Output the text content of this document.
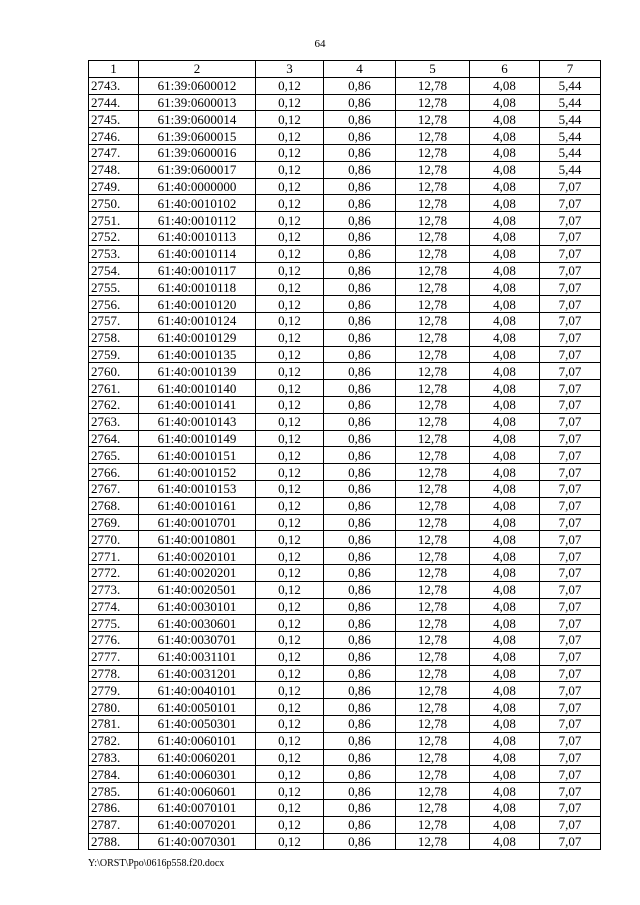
64
1	2	3	4	5	6	7
2743.	61:39:0600012	0,12	0,86	12,78	4,08	5,44
2744.	61:39:0600013	0,12	0,86	12,78	4,08	5,44
2745.	61:39:0600014	0,12	0,86	12,78	4,08	5,44
2746.	61:39:0600015	0,12	0,86	12,78	4,08	5,44
2747.	61:39:0600016	0,12	0,86	12,78	4,08	5,44
2748.	61:39:0600017	0,12	0,86	12,78	4,08	5,44
2749.	61:40:0000000	0,12	0,86	12,78	4,08	7,07
2750.	61:40:0010102	0,12	0,86	12,78	4,08	7,07
2751.	61:40:0010112	0,12	0,86	12,78	4,08	7,07
2752.	61:40:0010113	0,12	0,86	12,78	4,08	7,07
2753.	61:40:0010114	0,12	0,86	12,78	4,08	7,07
2754.	61:40:0010117	0,12	0,86	12,78	4,08	7,07
2755.	61:40:0010118	0,12	0,86	12,78	4,08	7,07
2756.	61:40:0010120	0,12	0,86	12,78	4,08	7,07
2757.	61:40:0010124	0,12	0,86	12,78	4,08	7,07
2758.	61:40:0010129	0,12	0,86	12,78	4,08	7,07
2759.	61:40:0010135	0,12	0,86	12,78	4,08	7,07
2760.	61:40:0010139	0,12	0,86	12,78	4,08	7,07
2761.	61:40:0010140	0,12	0,86	12,78	4,08	7,07
2762.	61:40:0010141	0,12	0,86	12,78	4,08	7,07
2763.	61:40:0010143	0,12	0,86	12,78	4,08	7,07
2764.	61:40:0010149	0,12	0,86	12,78	4,08	7,07
2765.	61:40:0010151	0,12	0,86	12,78	4,08	7,07
2766.	61:40:0010152	0,12	0,86	12,78	4,08	7,07
2767.	61:40:0010153	0,12	0,86	12,78	4,08	7,07
2768.	61:40:0010161	0,12	0,86	12,78	4,08	7,07
2769.	61:40:0010701	0,12	0,86	12,78	4,08	7,07
2770.	61:40:0010801	0,12	0,86	12,78	4,08	7,07
2771.	61:40:0020101	0,12	0,86	12,78	4,08	7,07
2772.	61:40:0020201	0,12	0,86	12,78	4,08	7,07
2773.	61:40:0020501	0,12	0,86	12,78	4,08	7,07
2774.	61:40:0030101	0,12	0,86	12,78	4,08	7,07
2775.	61:40:0030601	0,12	0,86	12,78	4,08	7,07
2776.	61:40:0030701	0,12	0,86	12,78	4,08	7,07
2777.	61:40:0031101	0,12	0,86	12,78	4,08	7,07
2778.	61:40:0031201	0,12	0,86	12,78	4,08	7,07
2779.	61:40:0040101	0,12	0,86	12,78	4,08	7,07
2780.	61:40:0050101	0,12	0,86	12,78	4,08	7,07
2781.	61:40:0050301	0,12	0,86	12,78	4,08	7,07
2782.	61:40:0060101	0,12	0,86	12,78	4,08	7,07
2783.	61:40:0060201	0,12	0,86	12,78	4,08	7,07
2784.	61:40:0060301	0,12	0,86	12,78	4,08	7,07
2785.	61:40:0060601	0,12	0,86	12,78	4,08	7,07
2786.	61:40:0070101	0,12	0,86	12,78	4,08	7,07
2787.	61:40:0070201	0,12	0,86	12,78	4,08	7,07
2788.	61:40:0070301	0,12	0,86	12,78	4,08	7,07
Y:\ORST\Ppo\0616p558.f20.docx
